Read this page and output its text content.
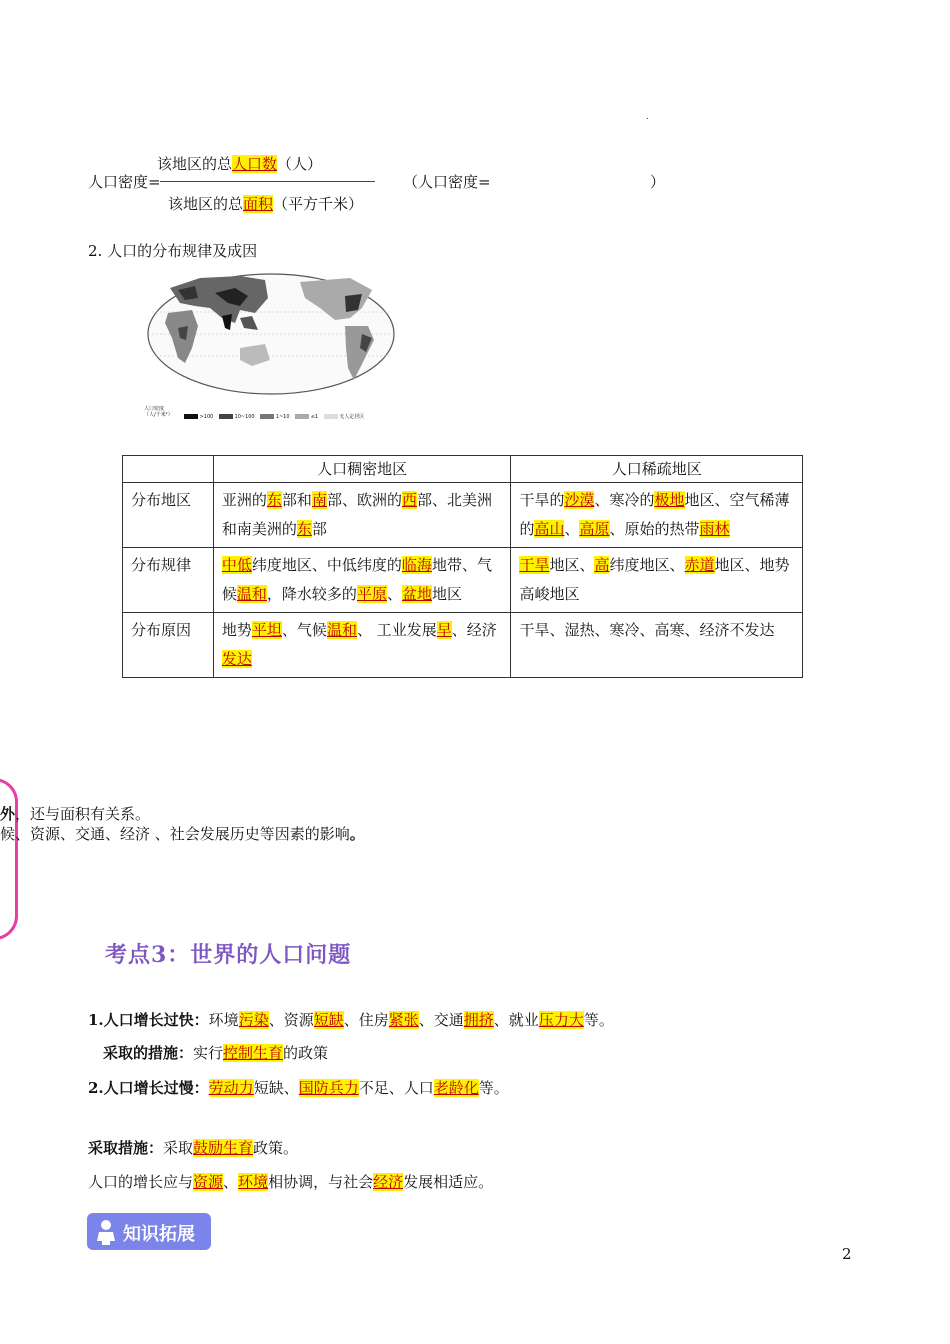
.
该地区的总人口数（人）
人口密度=	（人口密度=	）
该地区的总面积（平方千米）
2. 人口的分布规律及成因
人口密度
（人/千米²）	>100	10~100	1~10	≤1	无人定居区
	人口稠密地区	人口稀疏地区
分布地区	亚洲的东部和南部、欧洲的西部、北美洲和南美洲的东部	干旱的沙漠、寒冷的极地地区、空气稀薄的高山、高原、原始的热带雨林
分布规律	中低纬度地区、中低纬度的临海地带、气候温和，降水较多的平原、盆地地区	干旱地区、高纬度地区、赤道地区、地势高峻地区
分布原因	地势平坦、气候温和、 工业发展早、经济发达	干旱、湿热、寒冷、高寒、经济不发达
外，还与面积有关系。
候、资源、交通、经济 、社会发展历史等因素的影响。
考点3：世界的人口问题
1.人口增长过快：环境污染、资源短缺、住房紧张、交通拥挤、就业压力大等。
采取的措施：实行控制生育的政策
2.人口增长过慢：劳动力短缺、国防兵力不足、人口老龄化等。
采取措施：采取鼓励生育政策。
人口的增长应与资源、环境相协调，与社会经济发展相适应。
知识拓展
2
